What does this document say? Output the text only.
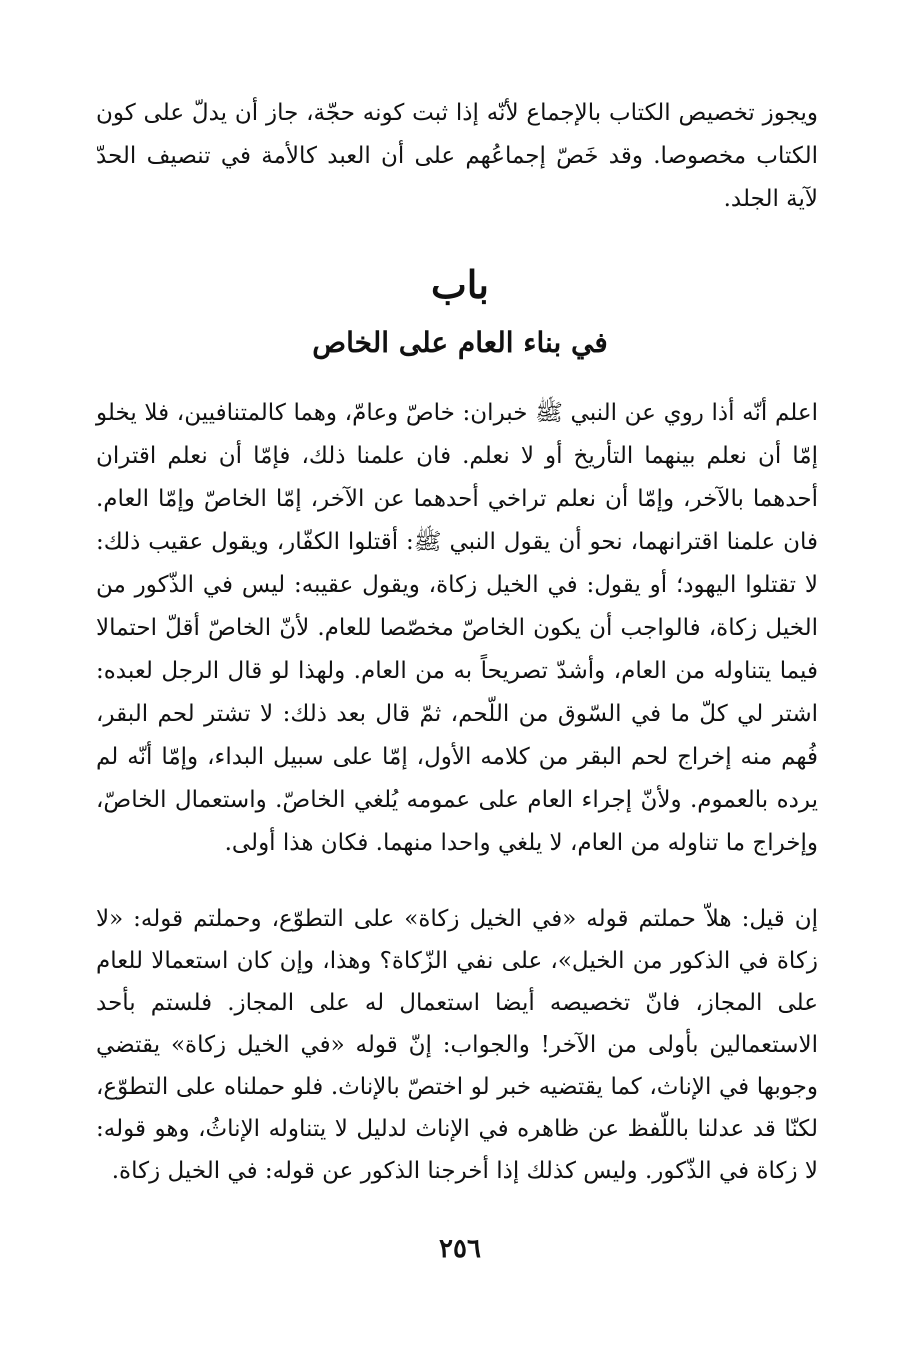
ويجوز تخصيص الكتاب بالإجماع لأنّه إذا ثبت كونه حجّة، جاز أن يدلّ على كون الكتاب مخصوصا. وقد خَصّ إجماعُهم على أن العبد كالأمة في تنصيف الحدّ لآية الجلد.

باب
في بناء العام على الخاص

اعلم أنّه أذا روي عن النبي ﷺ خبران: خاصّ وعامّ، وهما كالمتنافيين، فلا يخلو إمّا أن نعلم بينهما التأريخ أو لا نعلم. فان علمنا ذلك، فإمّا أن نعلم اقتران أحدهما بالآخر، وإمّا أن نعلم تراخي أحدهما عن الآخر، إمّا الخاصّ وإمّا العام. فان علمنا اقترانهما، نحو أن يقول النبي ﷺ: أقتلوا الكفّار، ويقول عقيب ذلك: لا تقتلوا اليهود؛ أو يقول: في الخيل زكاة، ويقول عقيبه: ليس في الذّكور من الخيل زكاة، فالواجب أن يكون الخاصّ مخصّصا للعام. لأنّ الخاصّ أقلّ احتمالا فيما يتناوله من العام، وأشدّ تصريحاً به من العام. ولهذا لو قال الرجل لعبده: اشتر لي كلّ ما في السّوق من اللّحم، ثمّ قال بعد ذلك: لا تشتر لحم البقر، فُهم منه إخراج لحم البقر من كلامه الأول، إمّا على سبيل البداء، وإمّا أنّه لم يرده بالعموم. ولأنّ إجراء العام على عمومه يُلغي الخاصّ. واستعمال الخاصّ، وإخراج ما تناوله من العام، لا يلغي واحدا منهما. فكان هذا أولى.

إن قيل: هلاّ حملتم قوله «في الخيل زكاة» على التطوّع، وحملتم قوله: «لا زكاة في الذكور من الخيل»، على نفي الزّكاة؟ وهذا، وإن كان استعمالا للعام على المجاز، فانّ تخصيصه أيضا استعمال له على المجاز. فلستم بأحد الاستعمالين بأولى من الآخر! والجواب: إنّ قوله «في الخيل زكاة» يقتضي وجوبها في الإناث، كما يقتضيه خبر لو اختصّ بالإناث. فلو حملناه على التطوّع، لكنّا قد عدلنا باللّفظ عن ظاهره في الإناث لدليل لا يتناوله الإناثُ، وهو قوله: لا زكاة في الذّكور. وليس كذلك إذا أخرجنا الذكور عن قوله: في الخيل زكاة.

٢٥٦
